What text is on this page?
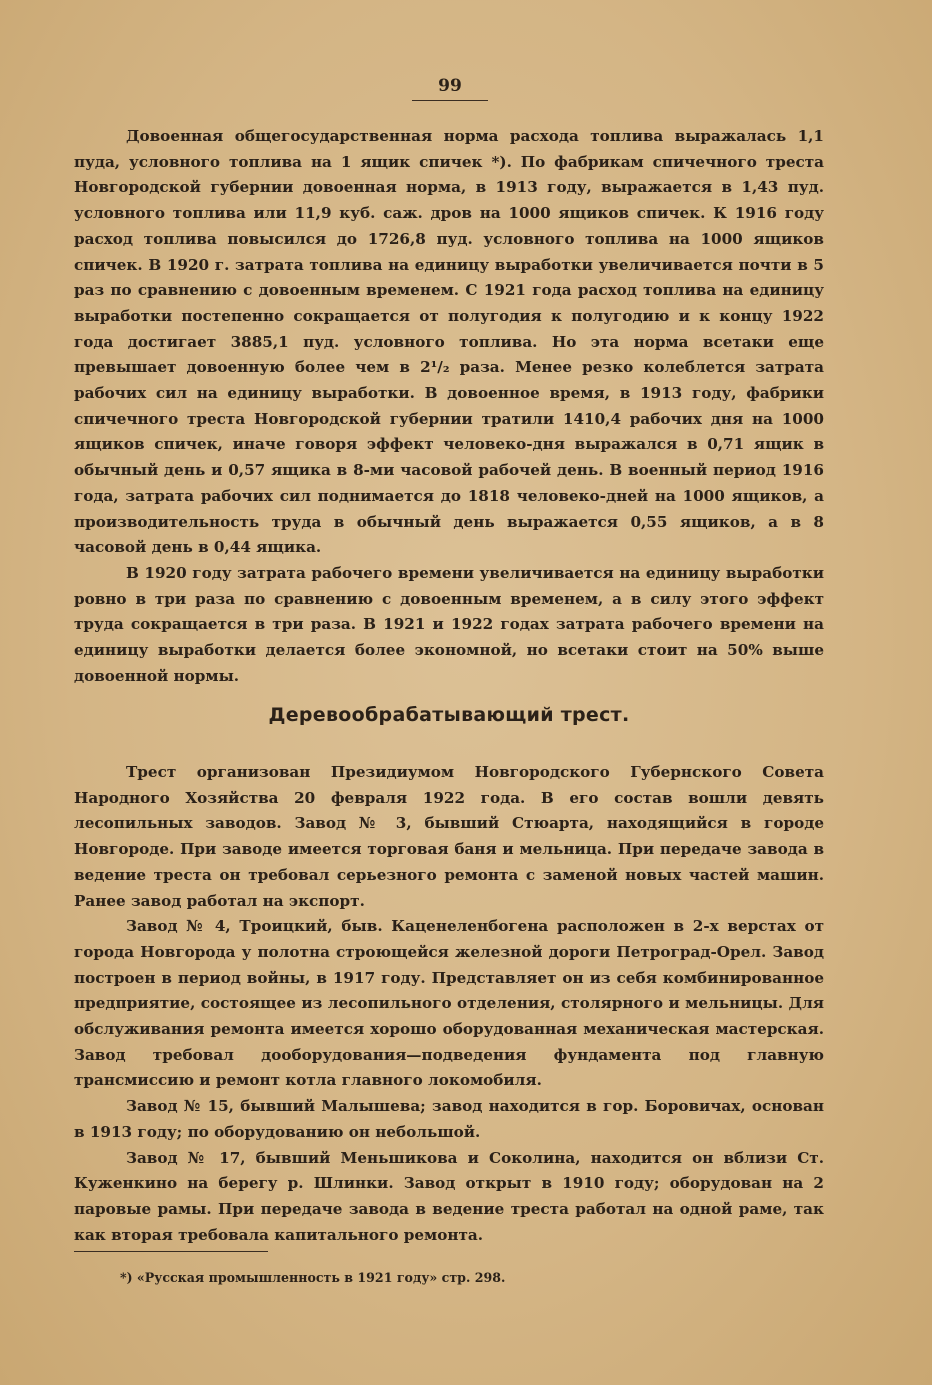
99

Довоенная общегосударственная норма расхода топлива выражалась 1,1 пуда, условного топлива на 1 ящик спичек *). По фабрикам спичечного треста Новгородской губернии довоенная норма, в 1913 году, выражается в 1,43 пуд. условного топлива или 11,9 куб. саж. дров на 1000 ящиков спичек. К 1916 году расход топлива повысился до 1726,8 пуд. условного топлива на 1000 ящиков спичек. В 1920 г. затрата топлива на единицу выработки увеличивается почти в 5 раз по сравнению с довоенным временем. С 1921 года расход топлива на единицу выработки постепенно сокращается от полугодия к полугодию и к концу 1922 года достигает 3885,1 пуд. условного топлива. Но эта норма всетаки еще превышает довоенную более чем в 2¹/₂ раза. Менее резко колеблется затрата рабочих сил на единицу выработки. В довоенное время, в 1913 году, фабрики спичечного треста Новгородской губернии тратили 1410,4 рабочих дня на 1000 ящиков спичек, иначе говоря эффект человеко-дня выражался в 0,71 ящик в обычный день и 0,57 ящика в 8-ми часовой рабочей день. В военный период 1916 года, затрата рабочих сил поднимается до 1818 человеко-дней на 1000 ящиков, а производительность труда в обычный день выражается 0,55 ящиков, а в 8 часовой день в 0,44 ящика.

В 1920 году затрата рабочего времени увеличивается на единицу выработки ровно в три раза по сравнению с довоенным временем, а в силу этого эффект труда сокращается в три раза. В 1921 и 1922 годах затрата рабочего времени на единицу выработки делается более экономной, но всетаки стоит на 50% выше довоенной нормы.

Деревообрабатывающий трест.

Трест организован Президиумом Новгородского Губернского Совета Народного Хозяйства 20 февраля 1922 года. В его состав вошли девять лесопильных заводов. Завод № 3, бывший Стюарта, находящийся в городе Новгороде. При заводе имеется торговая баня и мельница. При передаче завода в ведение треста он требовал серьезного ремонта с заменой новых частей машин. Ранее завод работал на экспорт.

Завод № 4, Троицкий, быв. Каценеленбогена расположен в 2-х верстах от города Новгорода у полотна строющейся железной дороги Петроград-Орел. Завод построен в период войны, в 1917 году. Представляет он из себя комбинированное предприятие, состоящее из лесопильного отделения, столярного и мельницы. Для обслуживания ремонта имеется хорошо оборудованная механическая мастерская. Завод требовал дооборудования—подведения фундамента под главную трансмиссию и ремонт котла главного локомобиля.

Завод № 15, бывший Малышева; завод находится в гор. Боровичах, основан в 1913 году; по оборудованию он небольшой.

Завод № 17, бывший Меньшикова и Соколина, находится он вблизи Ст. Куженкино на берегу р. Шлинки. Завод открыт в 1910 году; оборудован на 2 паровые рамы. При передаче завода в ведение треста работал на одной раме, так как вторая требовала капитального ремонта.

*) «Русская промышленность в 1921 году» стр. 298.
